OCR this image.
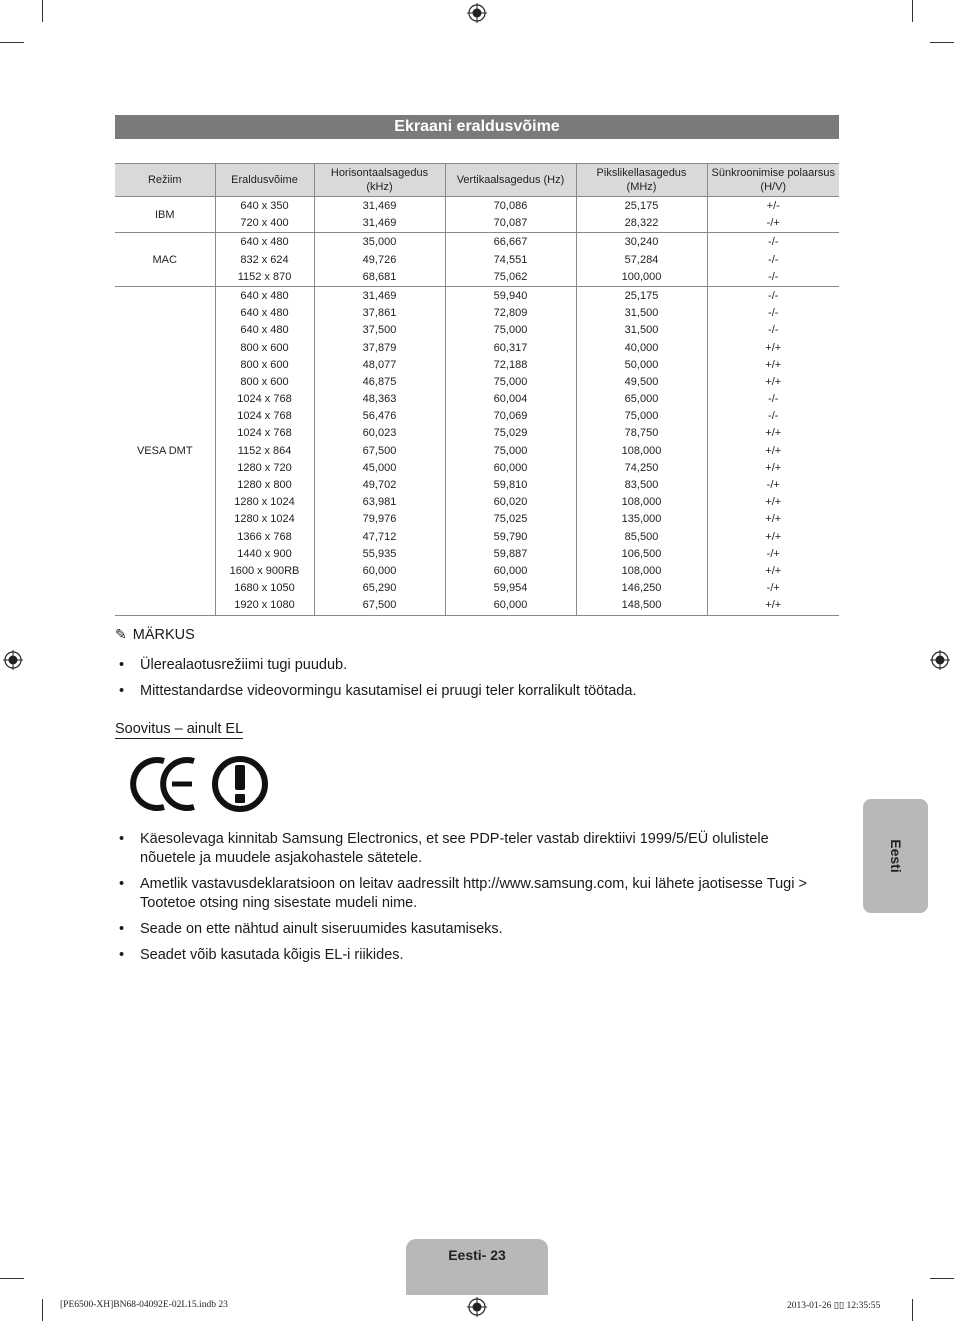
Ekraani eraldusvõime
Režiim	Eraldusvõime	Horisontaalsagedus (kHz)	Vertikaalsagedus (Hz)	Pikslikellasagedus (MHz)	Sünkroonimise polaarsus (H/V)
IBM	640 x 350	31,469	70,086	25,175	+/-

	720 x 400	31,469	70,087	28,322	-/+

MAC	640 x 480	35,000	66,667	30,240	-/-

	832 x 624	49,726	74,551	57,284	-/-

	1152 x 870	68,681	75,062	100,000	-/-

VESA DMT	640 x 480	31,469	59,940	25,175	-/-

	640 x 480	37,861	72,809	31,500	-/-

	640 x 480	37,500	75,000	31,500	-/-

	800 x 600	37,879	60,317	40,000	+/+

	800 x 600	48,077	72,188	50,000	+/+

	800 x 600	46,875	75,000	49,500	+/+

	1024 x 768	48,363	60,004	65,000	-/-

	1024 x 768	56,476	70,069	75,000	-/-

	1024 x 768	60,023	75,029	78,750	+/+

	1152 x 864	67,500	75,000	108,000	+/+

	1280 x 720	45,000	60,000	74,250	+/+

	1280 x 800	49,702	59,810	83,500	-/+

	1280 x 1024	63,981	60,020	108,000	+/+

	1280 x 1024	79,976	75,025	135,000	+/+

	1366 x 768	47,712	59,790	85,500	+/+

	1440 x 900	55,935	59,887	106,500	-/+

	1600 x 900RB	60,000	60,000	108,000	+/+

	1680 x 1050	65,290	59,954	146,250	-/+

	1920 x 1080	67,500	60,000	148,500	+/+
✎ MÄRKUS
• Ülerealaotusrežiimi tugi puudub.
• Mittestandardse videovormingu kasutamisel ei pruugi teler korralikult töötada.
Soovitus – ainult EL
• Käesolevaga kinnitab Samsung Electronics, et see PDP-teler vastab direktiivi 1999/5/EÜ olulistele nõuetele ja muudele asjakohastele sätetele.
• Ametlik vastavusdeklaratsioon on leitav aadressilt http://www.samsung.com, kui lähete jaotisesse Tugi > Tootetoe otsing ning sisestate mudeli nime.
• Seade on ette nähtud ainult siseruumides kasutamiseks.
• Seadet võib kasutada kõigis EL-i riikides.
Eesti
Eesti- 23
[PE6500-XH]BN68-04092E-02L15.indb 23	2013-01-26 ▯▯ 12:35:55
